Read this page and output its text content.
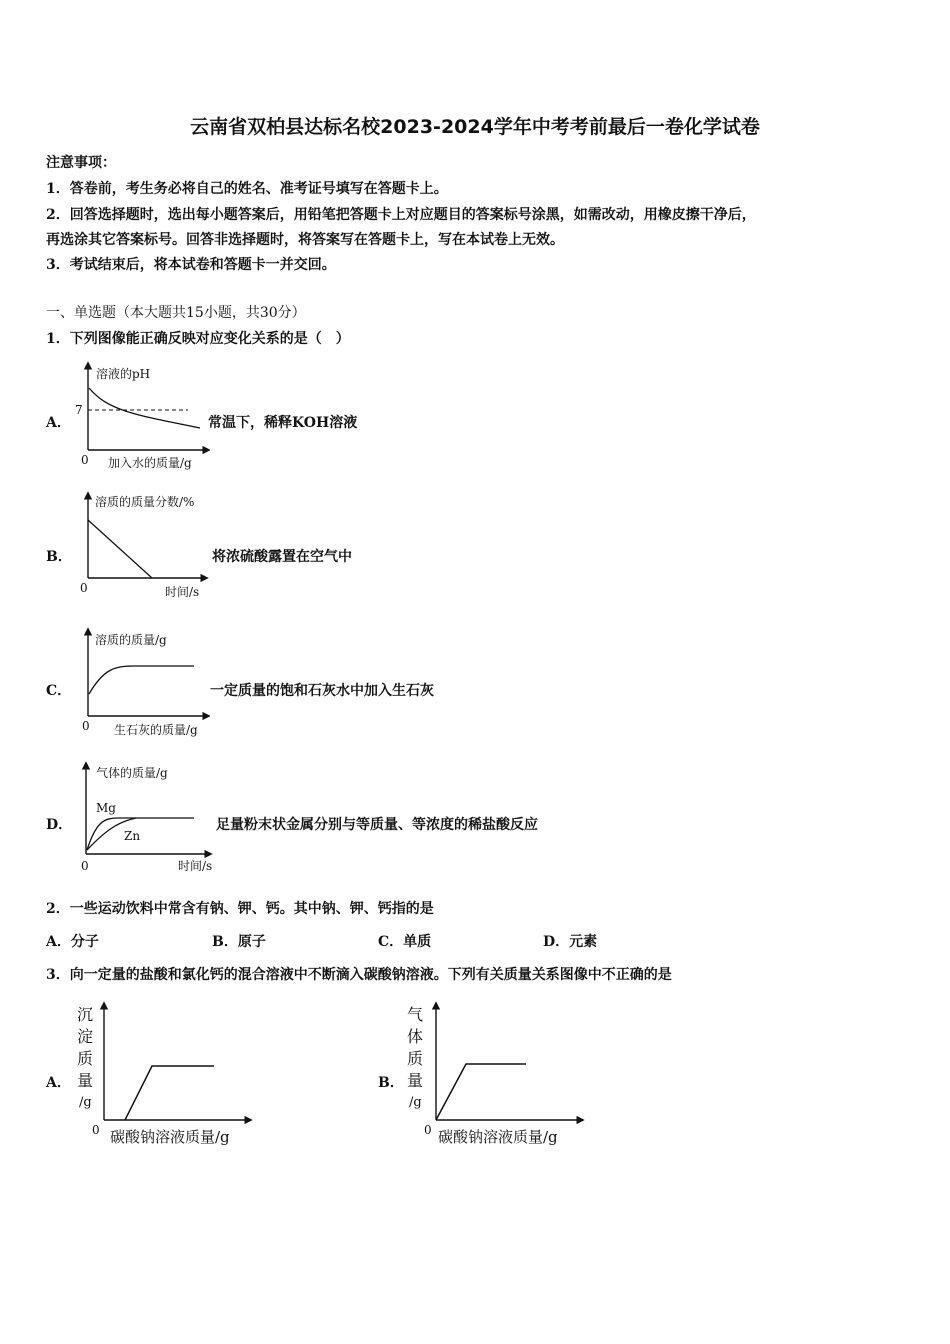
云南省双柏县达标名校2023-2024学年中考考前最后一卷化学试卷
注意事项：
1．答卷前，考生务必将自己的姓名、准考证号填写在答题卡上。
2．回答选择题时，选出每小题答案后，用铅笔把答题卡上对应题目的答案标号涂黑，如需改动，用橡皮擦干净后，
再选涂其它答案标号。回答非选择题时，将答案写在答题卡上，写在本试卷上无效。
3．考试结束后，将本试卷和答题卡一并交回。
一、单选题（本大题共15小题，共30分）
1．下列图像能正确反映对应变化关系的是（　）
A．
溶液的pH
7
0 加入水的质量/g
常温下，稀释KOH溶液
B．
溶质的质量分数/%
0	时间/s
将浓硫酸露置在空气中
C．
溶质的质量/g
0 生石灰的质量/g
一定质量的饱和石灰水中加入生石灰
D．
气体的质量/g
Mg
Zn
0	时间/s
足量粉末状金属分别与等质量、等浓度的稀盐酸反应
2．一些运动饮料中常含有钠、钾、钙。其中钠、钾、钙指的是
A．分子	B．原子	C．单质	D．元素
3．向一定量的盐酸和氯化钙的混合溶液中不断滴入碳酸钠溶液。下列有关质量关系图像中不正确的是
A．
沉
淀
质
量
/g
0 碳酸钠溶液质量/g
B．
气
体
质
量
/g
0 碳酸钠溶液质量/g
